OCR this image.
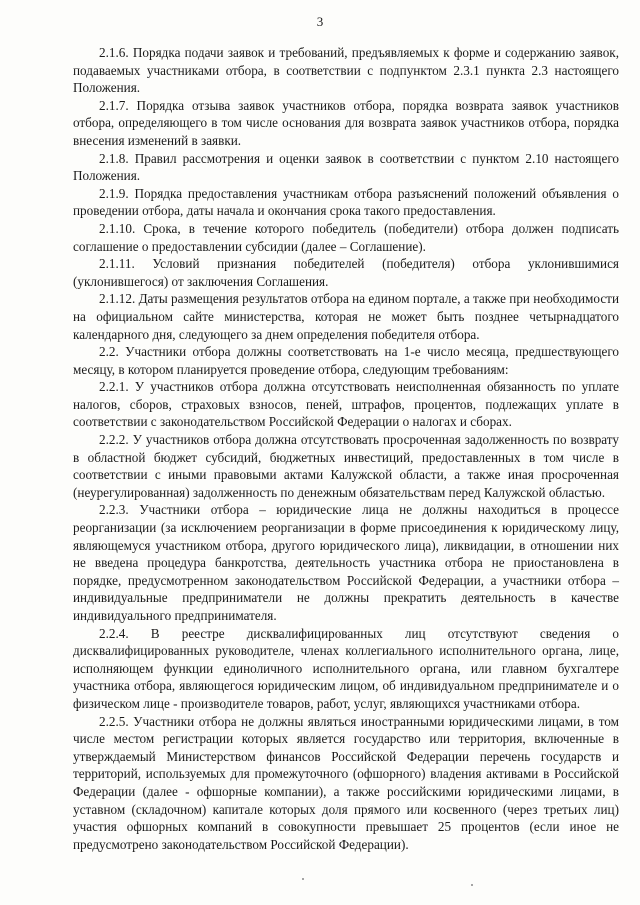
3

2.1.6. Порядка подачи заявок и требований, предъявляемых к форме и содержанию заявок, подаваемых участниками отбора, в соответствии с подпунктом 2.3.1 пункта 2.3 настоящего Положения.

2.1.7. Порядка отзыва заявок участников отбора, порядка возврата заявок участников отбора, определяющего в том числе основания для возврата заявок участников отбора, порядка внесения изменений в заявки.

2.1.8. Правил рассмотрения и оценки заявок в соответствии с пунктом 2.10 настоящего Положения.

2.1.9. Порядка предоставления участникам отбора разъяснений положений объявления о проведении отбора, даты начала и окончания срока такого предоставления.

2.1.10. Срока, в течение которого победитель (победители) отбора должен подписать соглашение о предоставлении субсидии (далее – Соглашение).

2.1.11. Условий признания победителей (победителя) отбора уклонившимися (уклонившегося) от заключения Соглашения.

2.1.12. Даты размещения результатов отбора на едином портале, а также при необходимости на официальном сайте министерства, которая не может быть позднее четырнадцатого календарного дня, следующего за днем определения победителя отбора.

2.2. Участники отбора должны соответствовать на 1-е число месяца, предшествующего месяцу, в котором планируется проведение отбора, следующим требованиям:

2.2.1. У участников отбора должна отсутствовать неисполненная обязанность по уплате налогов, сборов, страховых взносов, пеней, штрафов, процентов, подлежащих уплате в соответствии с законодательством Российской Федерации о налогах и сборах.

2.2.2. У участников отбора должна отсутствовать просроченная задолженность по возврату в областной бюджет субсидий, бюджетных инвестиций, предоставленных в том числе в соответствии с иными правовыми актами Калужской области, а также иная просроченная (неурегулированная) задолженность по денежным обязательствам перед Калужской областью.

2.2.3. Участники отбора – юридические лица не должны находиться в процессе реорганизации (за исключением реорганизации в форме присоединения к юридическому лицу, являющемуся участником отбора, другого юридического лица), ликвидации, в отношении них не введена процедура банкротства, деятельность участника отбора не приостановлена в порядке, предусмотренном законодательством Российской Федерации, а участники отбора – индивидуальные предприниматели не должны прекратить деятельность в качестве индивидуального предпринимателя.

2.2.4. В реестре дисквалифицированных лиц отсутствуют сведения о дисквалифицированных руководителе, членах коллегиального исполнительного органа, лице, исполняющем функции единоличного исполнительного органа, или главном бухгалтере участника отбора, являющегося юридическим лицом, об индивидуальном предпринимателе и о физическом лице - производителе товаров, работ, услуг, являющихся участниками отбора.

2.2.5. Участники отбора не должны являться иностранными юридическими лицами, в том числе местом регистрации которых является государство или территория, включенные в утверждаемый Министерством финансов Российской Федерации перечень государств и территорий, используемых для промежуточного (офшорного) владения активами в Российской Федерации (далее - офшорные компании), а также российскими юридическими лицами, в уставном (складочном) капитале которых доля прямого или косвенного (через третьих лиц) участия офшорных компаний в совокупности превышает 25 процентов (если иное не предусмотрено законодательством Российской Федерации).
